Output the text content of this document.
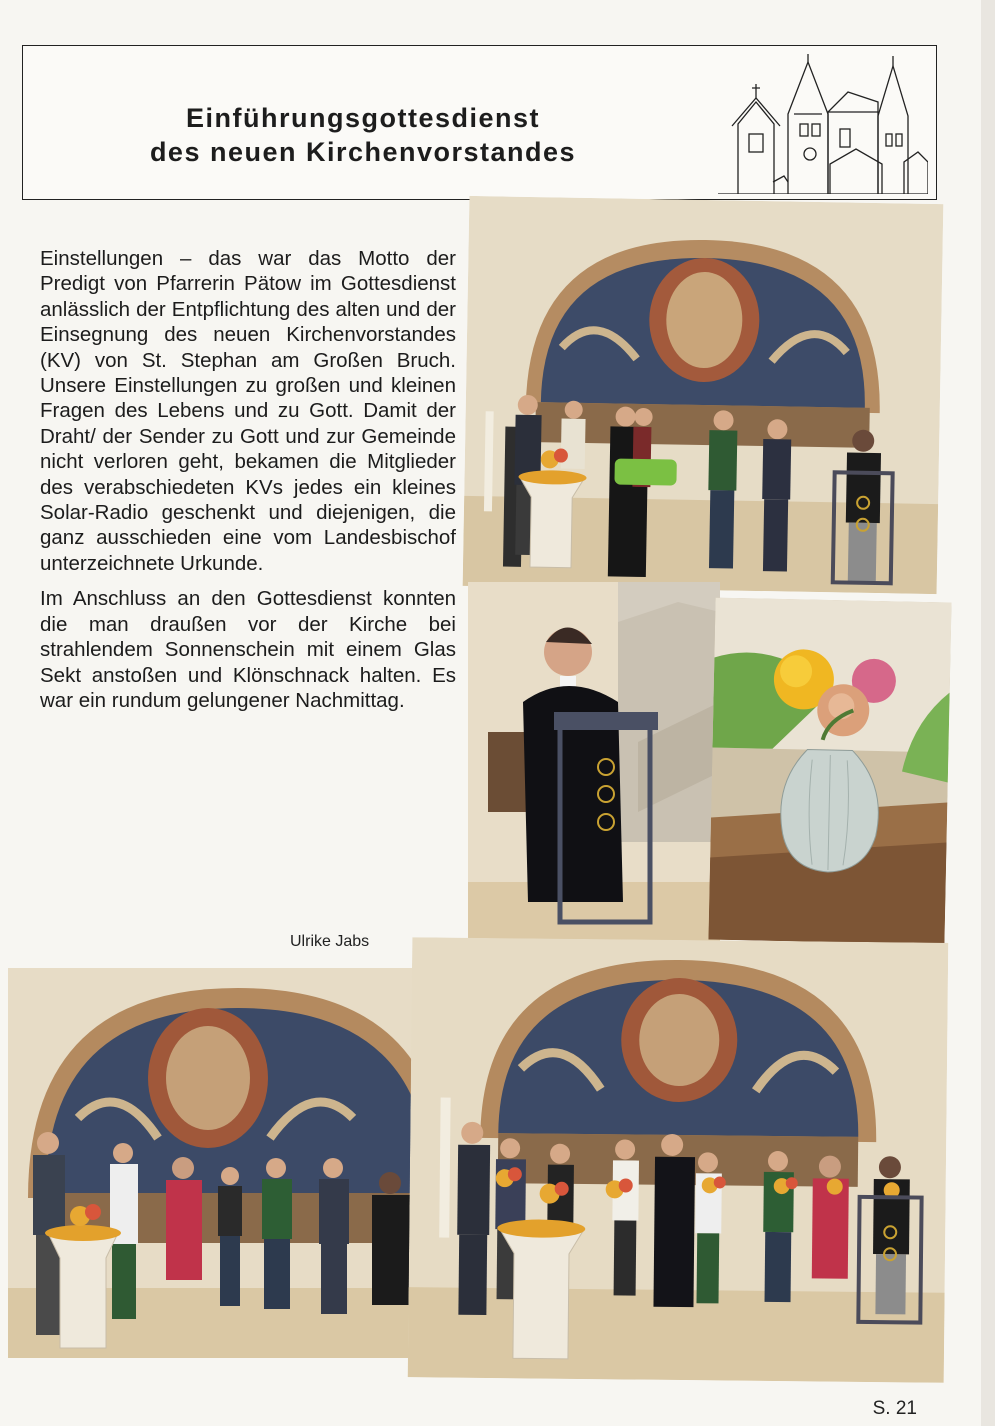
Einführungsgottesdienst
des neuen Kirchenvorstandes

Einstellungen – das war das Motto der Predigt von Pfarrerin Pätow im Gottesdienst anlässlich der Entpflichtung des alten und der Einsegnung des neuen Kirchenvorstandes (KV) von St. Stephan am Großen Bruch. Unsere Einstellungen zu großen und kleinen Fragen des Lebens und zu Gott. Damit der Draht/ der Sender zu Gott und zur Gemeinde nicht verloren geht, bekamen die Mitglieder des verabschiedeten KVs jedes ein kleines Solar-Radio geschenkt und diejenigen, die ganz ausschieden eine vom Landesbischof unterzeichnete Urkunde.

Im Anschluss an den Gottesdienst konnten die man draußen vor der Kirche bei strahlendem Sonnenschein mit einem Glas Sekt anstoßen und Klönschnack halten. Es war ein rundum gelungener Nachmittag.

Ulrike Jabs
S. 21
